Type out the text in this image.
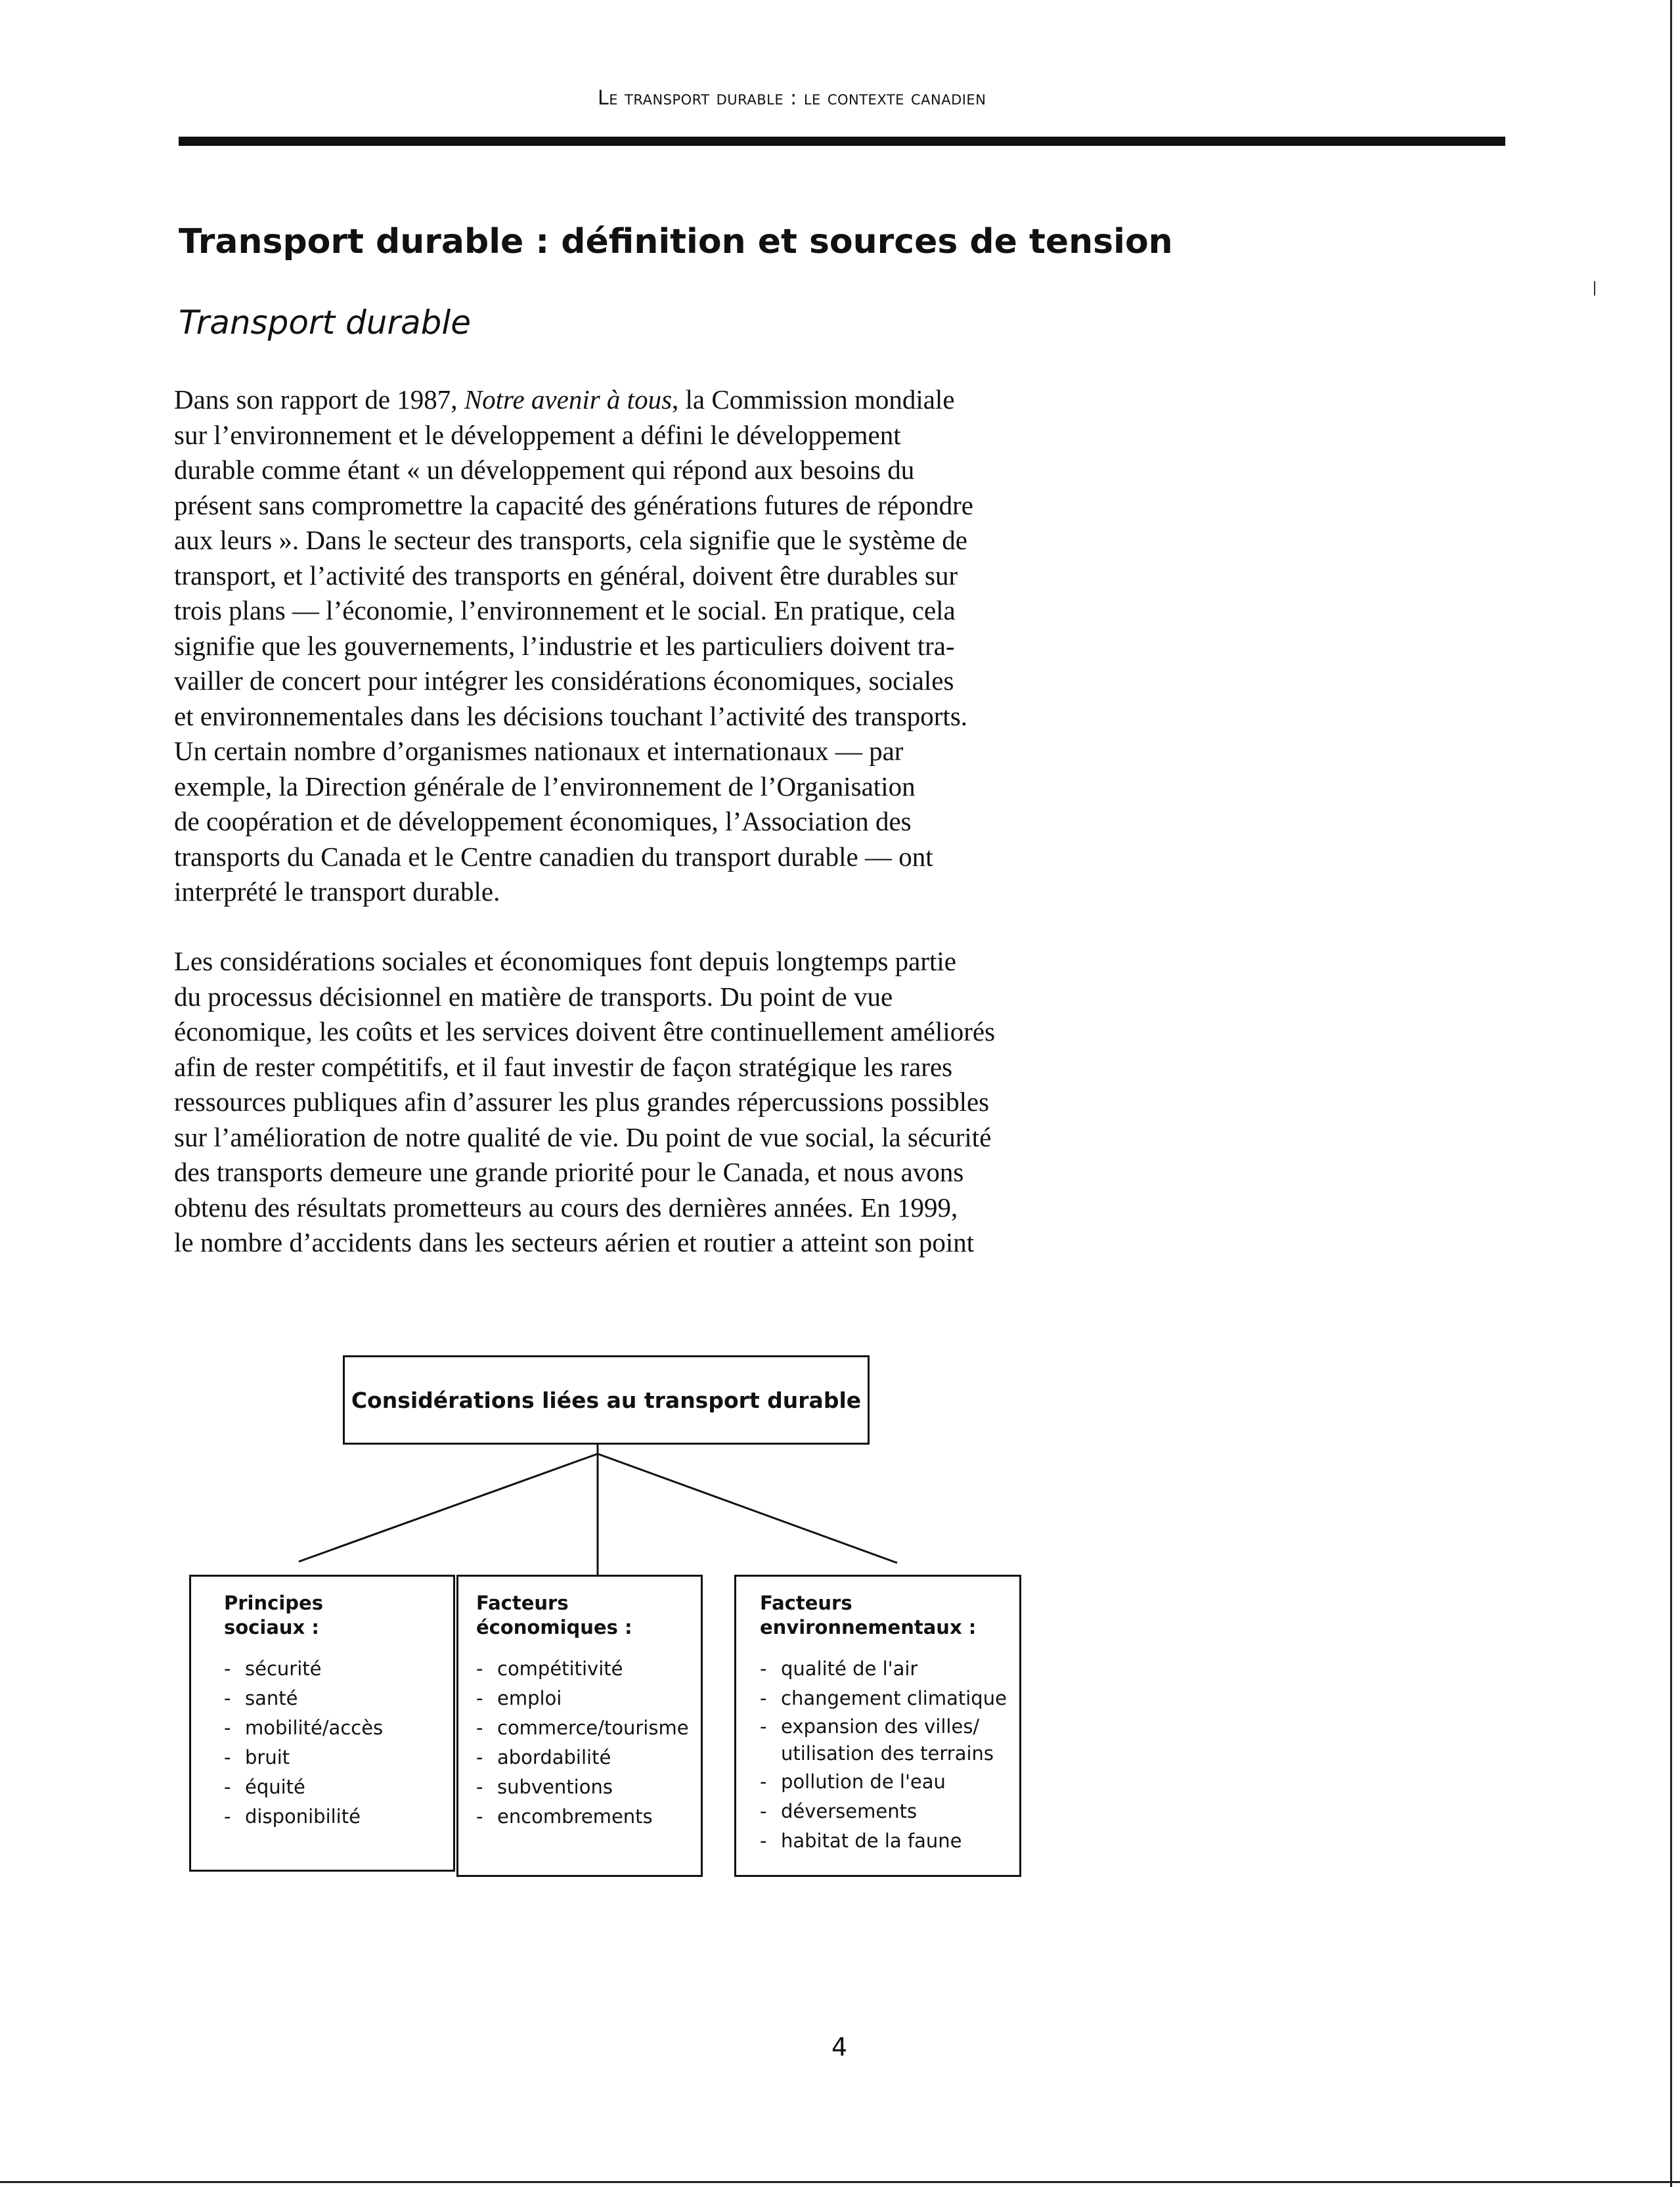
Le transport durable : le contexte canadien
Transport durable : définition et sources de tension
Transport durable
Dans son rapport de 1987, Notre avenir à tous, la Commission mondiale
sur l’environnement et le développement a défini le développement
durable comme étant « un développement qui répond aux besoins du
présent sans compromettre la capacité des générations futures de répondre
aux leurs ». Dans le secteur des transports, cela signifie que le système de
transport, et l’activité des transports en général, doivent être durables sur
trois plans — l’économie, l’environnement et le social. En pratique, cela
signifie que les gouvernements, l’industrie et les particuliers doivent tra-
vailler de concert pour intégrer les considérations économiques, sociales
et environnementales dans les décisions touchant l’activité des transports.
Un certain nombre d’organismes nationaux et internationaux — par
exemple, la Direction générale de l’environnement de l’Organisation
de coopération et de développement économiques, l’Association des
transports du Canada et le Centre canadien du transport durable — ont
interprété le transport durable.
Les considérations sociales et économiques font depuis longtemps partie
du processus décisionnel en matière de transports. Du point de vue
économique, les coûts et les services doivent être continuellement améliorés
afin de rester compétitifs, et il faut investir de façon stratégique les rares
ressources publiques afin d’assurer les plus grandes répercussions possibles
sur l’amélioration de notre qualité de vie. Du point de vue social, la sécurité
des transports demeure une grande priorité pour le Canada, et nous avons
obtenu des résultats prometteurs au cours des dernières années. En 1999,
le nombre d’accidents dans les secteurs aérien et routier a atteint son point
Considérations liées au transport durable
Principes
sociaux :
- sécurité
- santé
- mobilité/accès
- bruit
- équité
- disponibilité
Facteurs
économiques :
- compétitivité
- emploi
- commerce/tourisme
- abordabilité
- subventions
- encombrements
Facteurs
environnementaux :
- qualité de l'air
- changement climatique
- expansion des villes/
utilisation des terrains
- pollution de l'eau
- déversements
- habitat de la faune
4
